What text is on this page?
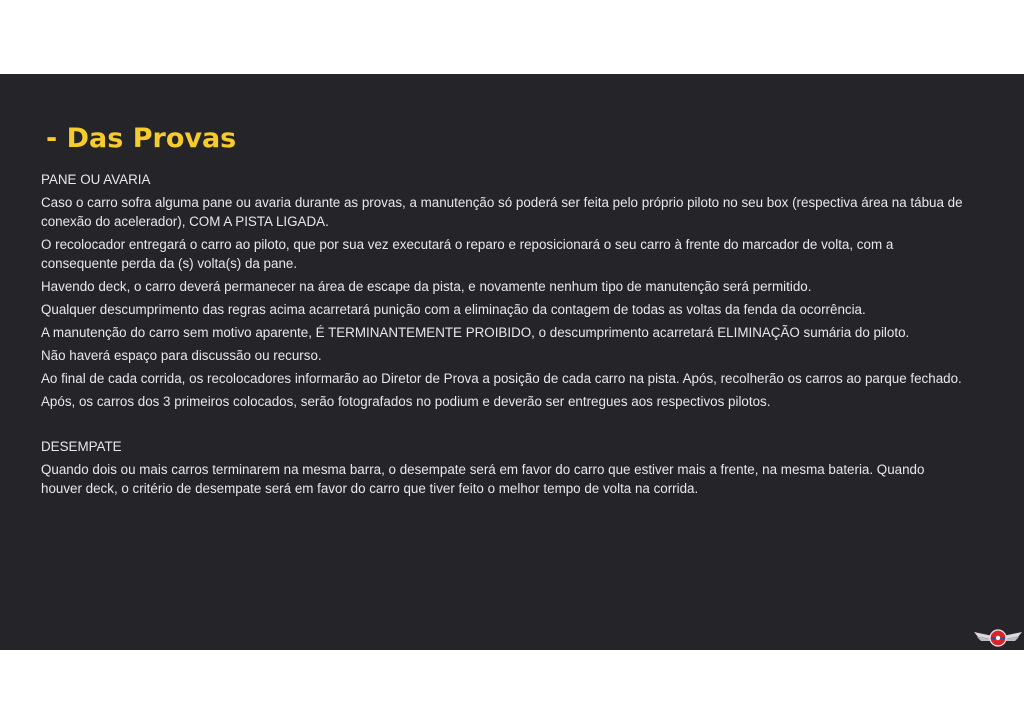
- Das Provas
PANE OU AVARIA
Caso o carro sofra alguma pane ou avaria durante as provas, a manutenção só poderá ser feita pelo próprio piloto no seu box (respectiva área na tábua de conexão do acelerador), COM A PISTA LIGADA.
O recolocador entregará o carro ao piloto, que por sua vez executará o reparo e reposicionará o seu carro à frente do marcador de volta, com a consequente perda da (s) volta(s) da pane.
Havendo deck, o carro deverá permanecer na área de escape da pista, e novamente nenhum tipo de manutenção será permitido.
Qualquer descumprimento das regras acima acarretará punição com a eliminação da contagem de todas as voltas da fenda da ocorrência.
A manutenção do carro sem motivo aparente, É TERMINANTEMENTE PROIBIDO, o descumprimento acarretará ELIMINAÇÃO sumária do piloto.
Não haverá espaço para discussão ou recurso.
Ao final de cada corrida, os recolocadores informarão ao Diretor de Prova a posição de cada carro na pista. Após, recolherão os carros ao parque fechado.
Após, os carros dos 3 primeiros colocados, serão fotografados no podium e deverão ser entregues aos respectivos pilotos.
DESEMPATE
Quando dois ou mais carros terminarem na mesma barra, o desempate será em favor do carro que estiver mais a frente, na mesma bateria. Quando houver deck, o critério de desempate será em favor do carro que tiver feito o melhor tempo de volta na corrida.
